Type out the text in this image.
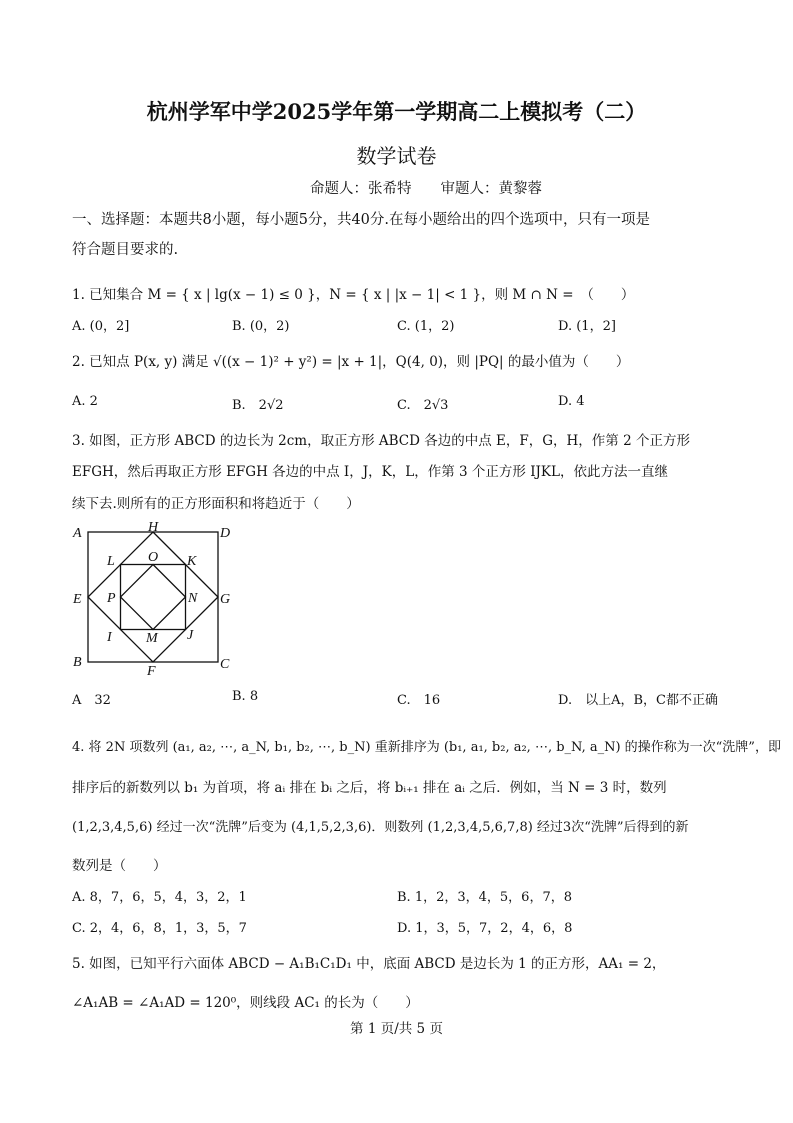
杭州学军中学2025学年第一学期高二上模拟考（二）
数学试卷
命题人：张希特　　审题人：黄黎蓉
一、选择题：本题共8小题，每小题5分，共40分.在每小题给出的四个选项中，只有一项是
符合题目要求的.
1. 已知集合 M = { x | lg(x − 1) ≤ 0 }，N = { x | |x − 1| < 1 }，则 M ∩ N =　（　　）
A. (0，2]	B. (0，2)	C. (1，2)	D. (1，2]
2. 已知点 P(x, y) 满足 √((x − 1)² + y²) = |x + 1|，Q(4, 0)，则 |PQ| 的最小值为（　　）
A. 2	B.　2√2	C.　2√3	D. 4
3. 如图，正方形 ABCD 的边长为 2cm，取正方形 ABCD 各边的中点 E，F，G，H，作第 2 个正方形
EFGH，然后再取正方形 EFGH 各边的中点 I，J，K，L，作第 3 个正方形 IJKL，依此方法一直继
续下去.则所有的正方形面积和将趋近于（　　）
A
B	C
D
E
F
G
H
I	J
K
L
M
N
O
P
A　32	B. 8	C.　16	D.　以上A，B，C都不正确
4. 将 2N 项数列 (a₁, a₂, ⋯, a_N, b₁, b₂, ⋯, b_N) 重新排序为 (b₁, a₁, b₂, a₂, ⋯, b_N, a_N) 的操作称为一次“洗牌”，即
排序后的新数列以 b₁ 为首项，将 aᵢ 排在 bᵢ 之后，将 bᵢ₊₁ 排在 aᵢ 之后．例如，当 N = 3 时，数列
(1,2,3,4,5,6) 经过一次“洗牌”后变为 (4,1,5,2,3,6)．则数列 (1,2,3,4,5,6,7,8) 经过3次“洗牌”后得到的新
数列是（　　）
A. 8，7，6，5，4，3，2，1	B. 1，2，3，4，5，6，7，8
C. 2，4，6，8，1，3，5，7	D. 1，3，5，7，2，4，6，8
5. 如图，已知平行六面体 ABCD − A₁B₁C₁D₁ 中，底面 ABCD 是边长为 1 的正方形，AA₁ = 2，
∠A₁AB = ∠A₁AD = 120⁰，则线段 AC₁ 的长为（　　）
第 1 页/共 5 页
